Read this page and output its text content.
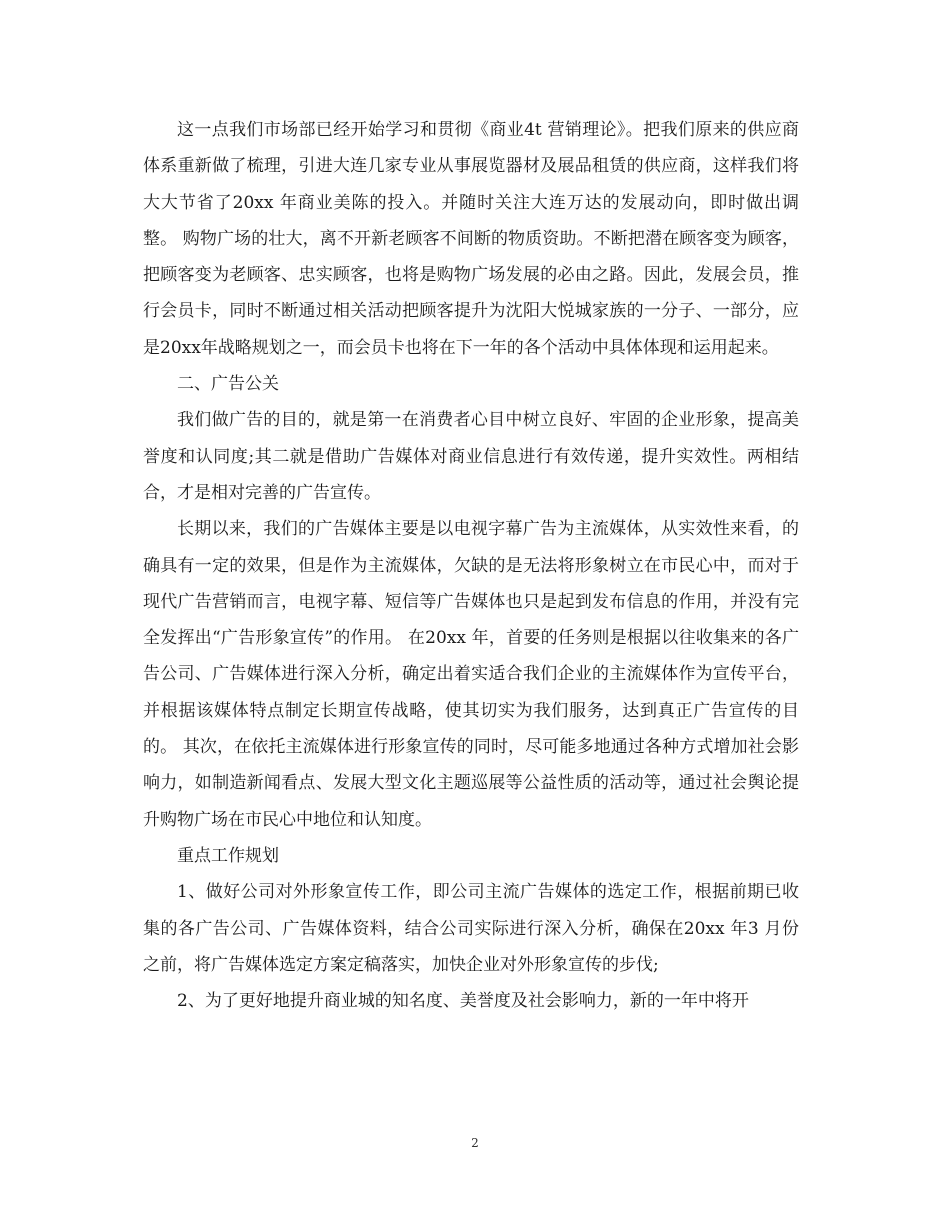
这一点我们市场部已经开始学习和贯彻《商业4t 营销理论》。把我们原来的供应商体系重新做了梳理，引进大连几家专业从事展览器材及展品租赁的供应商，这样我们将大大节省了20xx 年商业美陈的投入。并随时关注大连万达的发展动向，即时做出调整。 购物广场的壮大，离不开新老顾客不间断的物质资助。不断把潜在顾客变为顾客，把顾客变为老顾客、忠实顾客，也将是购物广场发展的必由之路。因此，发展会员，推行会员卡，同时不断通过相关活动把顾客提升为沈阳大悦城家族的一分子、一部分，应是20xx年战略规划之一，而会员卡也将在下一年的各个活动中具体体现和运用起来。

二、广告公关

我们做广告的目的，就是第一在消费者心目中树立良好、牢固的企业形象，提高美誉度和认同度;其二就是借助广告媒体对商业信息进行有效传递，提升实效性。两相结合，才是相对完善的广告宣传。

长期以来，我们的广告媒体主要是以电视字幕广告为主流媒体，从实效性来看，的确具有一定的效果，但是作为主流媒体，欠缺的是无法将形象树立在市民心中，而对于现代广告营销而言，电视字幕、短信等广告媒体也只是起到发布信息的作用，并没有完全发挥出“广告形象宣传”的作用。 在20xx 年，首要的任务则是根据以往收集来的各广告公司、广告媒体进行深入分析，确定出着实适合我们企业的主流媒体作为宣传平台，并根据该媒体特点制定长期宣传战略，使其切实为我们服务，达到真正广告宣传的目的。 其次，在依托主流媒体进行形象宣传的同时，尽可能多地通过各种方式增加社会影响力，如制造新闻看点、发展大型文化主题巡展等公益性质的活动等，通过社会舆论提升购物广场在市民心中地位和认知度。

重点工作规划

1、做好公司对外形象宣传工作，即公司主流广告媒体的选定工作，根据前期已收集的各广告公司、广告媒体资料，结合公司实际进行深入分析，确保在20xx 年3 月份之前，将广告媒体选定方案定稿落实，加快企业对外形象宣传的步伐;

2、为了更好地提升商业城的知名度、美誉度及社会影响力，新的一年中将开

2
